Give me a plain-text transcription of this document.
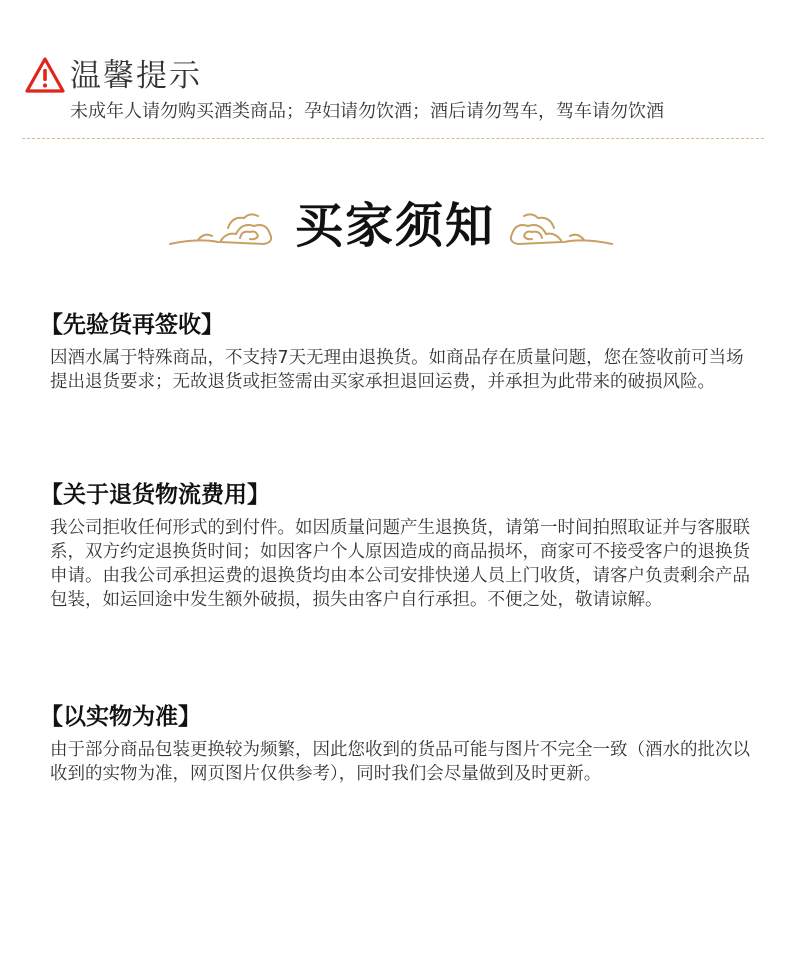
温馨提示
未成年人请勿购买酒类商品；孕妇请勿饮酒；酒后请勿驾车，驾车请勿饮酒
买家须知
【先验货再签收】

因酒水属于特殊商品，不支持7天无理由退换货。如商品存在质量问题，您在签收前可当场提出退货要求；无故退货或拒签需由买家承担退回运费，并承担为此带来的破损风险。

【关于退货物流费用】

我公司拒收任何形式的到付件。如因质量问题产生退换货，请第一时间拍照取证并与客服联系，双方约定退换货时间；如因客户个人原因造成的商品损坏，商家可不接受客户的退换货申请。由我公司承担运费的退换货均由本公司安排快递人员上门收货，请客户负责剩余产品包装，如运回途中发生额外破损，损失由客户自行承担。不便之处，敬请谅解。

【以实物为准】

由于部分商品包装更换较为频繁，因此您收到的货品可能与图片不完全一致（酒水的批次以收到的实物为准，网页图片仅供参考），同时我们会尽量做到及时更新。
